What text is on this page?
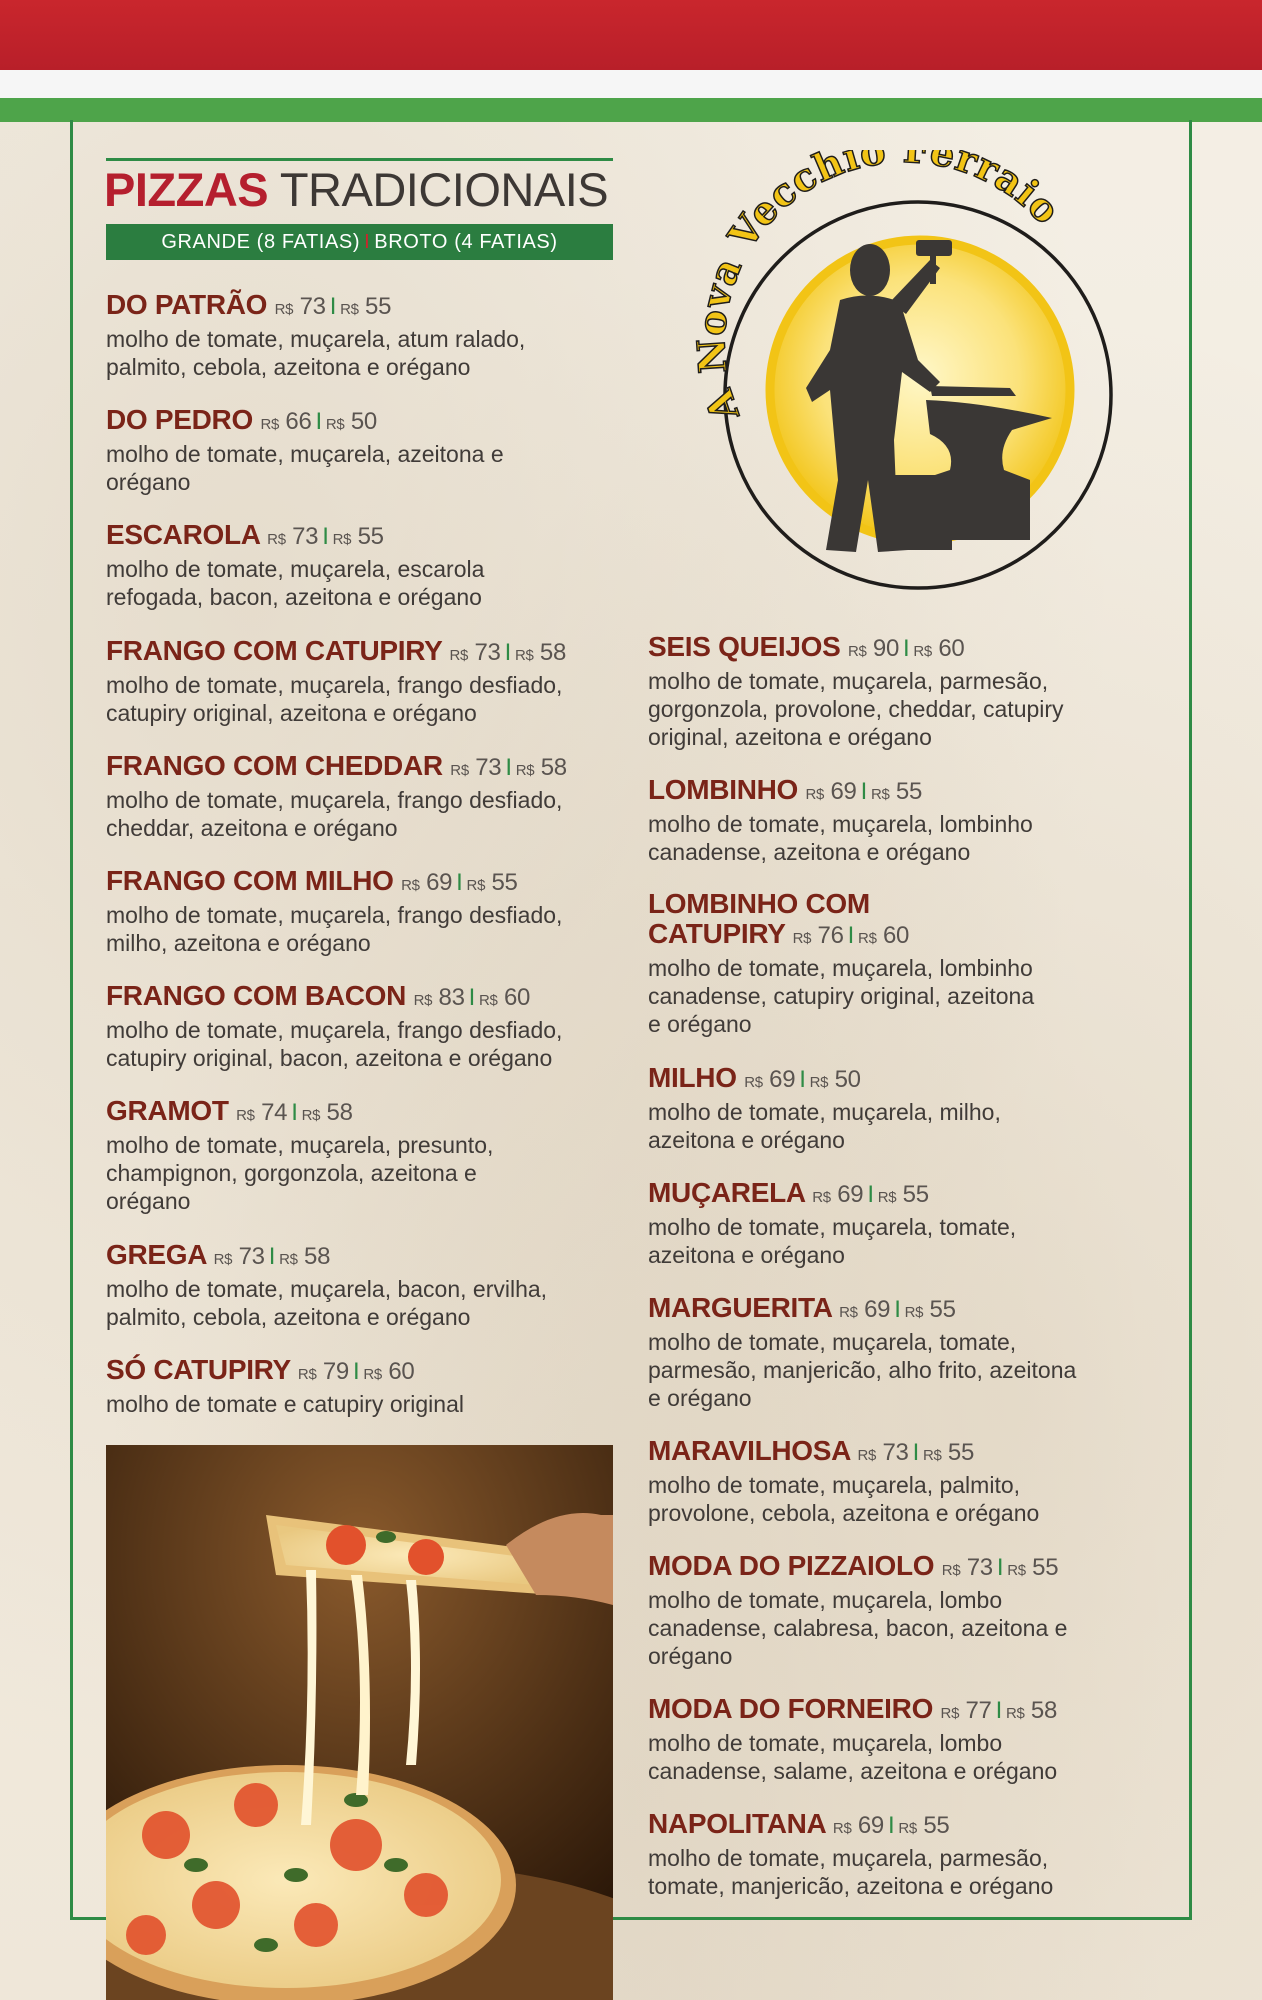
PIZZAS TRADICIONAIS
GRANDE (8 FATIAS) I BROTO (4 FATIAS)
A Nova Vecchio erraio
DO PATRÃO R$ 73 I R$ 55
molho de tomate, muçarela, atum ralado,
palmito, cebola, azeitona e orégano
DO PEDRO R$ 66 I R$ 50
molho de tomate, muçarela, azeitona e
orégano
ESCAROLA R$ 73 I R$ 55
molho de tomate, muçarela, escarola
refogada, bacon, azeitona e orégano
FRANGO COM CATUPIRY R$ 73 I R$ 58
molho de tomate, muçarela, frango desfiado,
catupiry original, azeitona e orégano
FRANGO COM CHEDDAR R$ 73 I R$ 58
molho de tomate, muçarela, frango desfiado,
cheddar, azeitona e orégano
FRANGO COM MILHO R$ 69 I R$ 55
molho de tomate, muçarela, frango desfiado,
milho, azeitona e orégano
FRANGO COM BACON R$ 83 I R$ 60
molho de tomate, muçarela, frango desfiado,
catupiry original, bacon, azeitona e orégano
GRAMOT R$ 74 I R$ 58
molho de tomate, muçarela, presunto,
champignon, gorgonzola, azeitona e
orégano
GREGA R$ 73 I R$ 58
molho de tomate, muçarela, bacon, ervilha,
palmito, cebola, azeitona e orégano
SÓ CATUPIRY R$ 79 I R$ 60
molho de tomate e catupiry original
SEIS QUEIJOS R$ 90 I R$ 60
molho de tomate, muçarela, parmesão,
gorgonzola, provolone, cheddar, catupiry
original, azeitona e orégano
LOMBINHO R$ 69 I R$ 55
molho de tomate, muçarela, lombinho
canadense, azeitona e orégano
LOMBINHO COM
CATUPIRY R$ 76 I R$ 60
molho de tomate, muçarela, lombinho
canadense, catupiry original, azeitona
e orégano
MILHO R$ 69 I R$ 50
molho de tomate, muçarela, milho,
azeitona e orégano
MUÇARELA R$ 69 I R$ 55
molho de tomate, muçarela, tomate,
azeitona e orégano
MARGUERITA R$ 69 I R$ 55
molho de tomate, muçarela, tomate,
parmesão, manjericão, alho frito, azeitona
e orégano
MARAVILHOSA R$ 73 I R$ 55
molho de tomate, muçarela, palmito,
provolone, cebola, azeitona e orégano
MODA DO PIZZAIOLO R$ 73 I R$ 55
molho de tomate, muçarela, lombo
canadense, calabresa, bacon, azeitona e
orégano
MODA DO FORNEIRO R$ 77 I R$ 58
molho de tomate, muçarela, lombo
canadense, salame, azeitona e orégano
NAPOLITANA R$ 69 I R$ 55
molho de tomate, muçarela, parmesão,
tomate, manjericão, azeitona e orégano
